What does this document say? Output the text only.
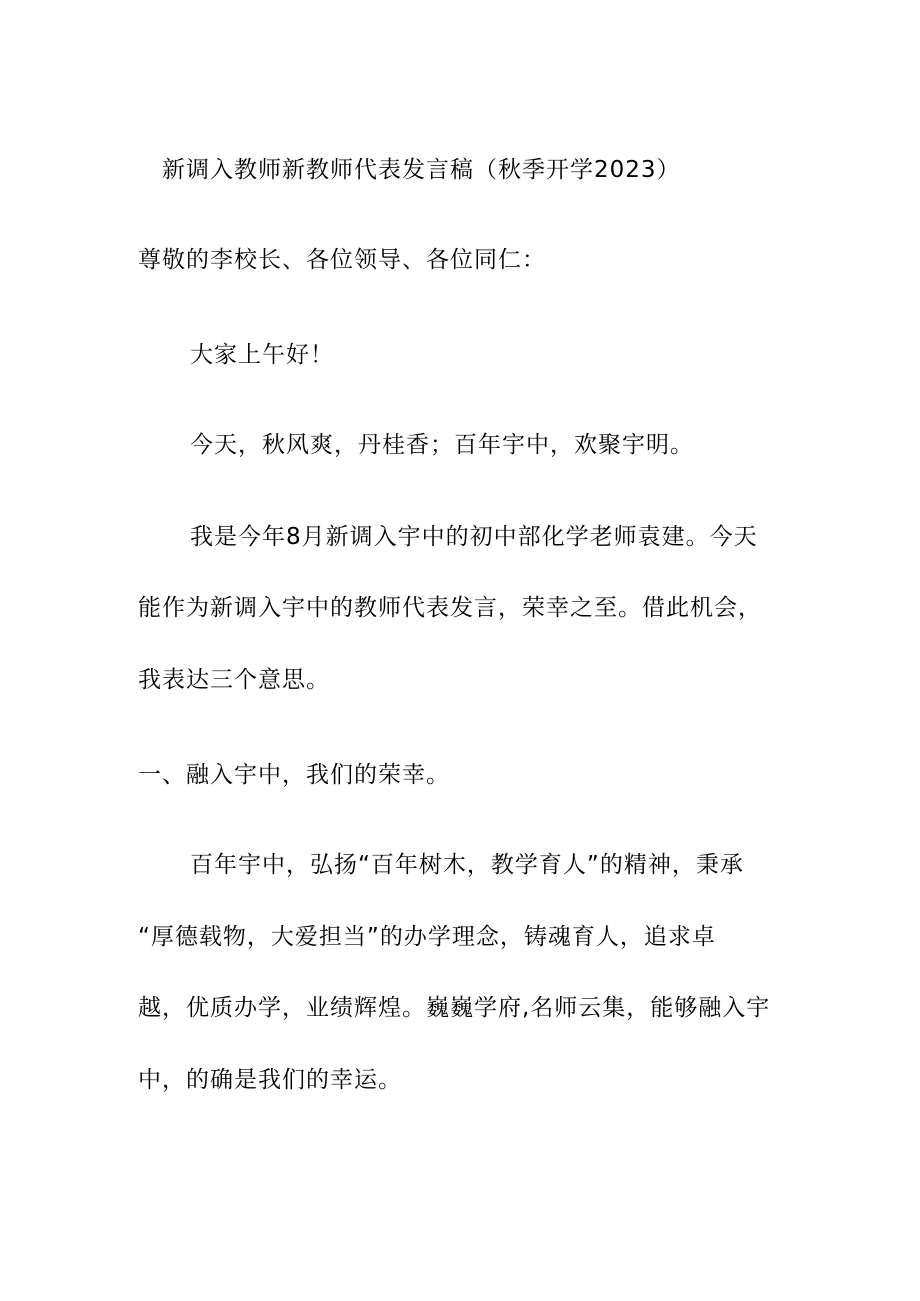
新调入教师新教师代表发言稿（秋季开学2023）
尊敬的李校长、各位领导、各位同仁：
大家上午好！
今天，秋风爽，丹桂香；百年宇中，欢聚宇明。
我是今年8月新调入宇中的初中部化学老师袁建。今天
能作为新调入宇中的教师代表发言，荣幸之至。借此机会，
我表达三个意思。
一、融入宇中，我们的荣幸。
百年宇中，弘扬“百年树木，教学育人”的精神，秉承
“厚德载物，大爱担当”的办学理念，铸魂育人，追求卓
越，优质办学，业绩辉煌。巍巍学府,名师云集，能够融入宇
中，的确是我们的幸运。
